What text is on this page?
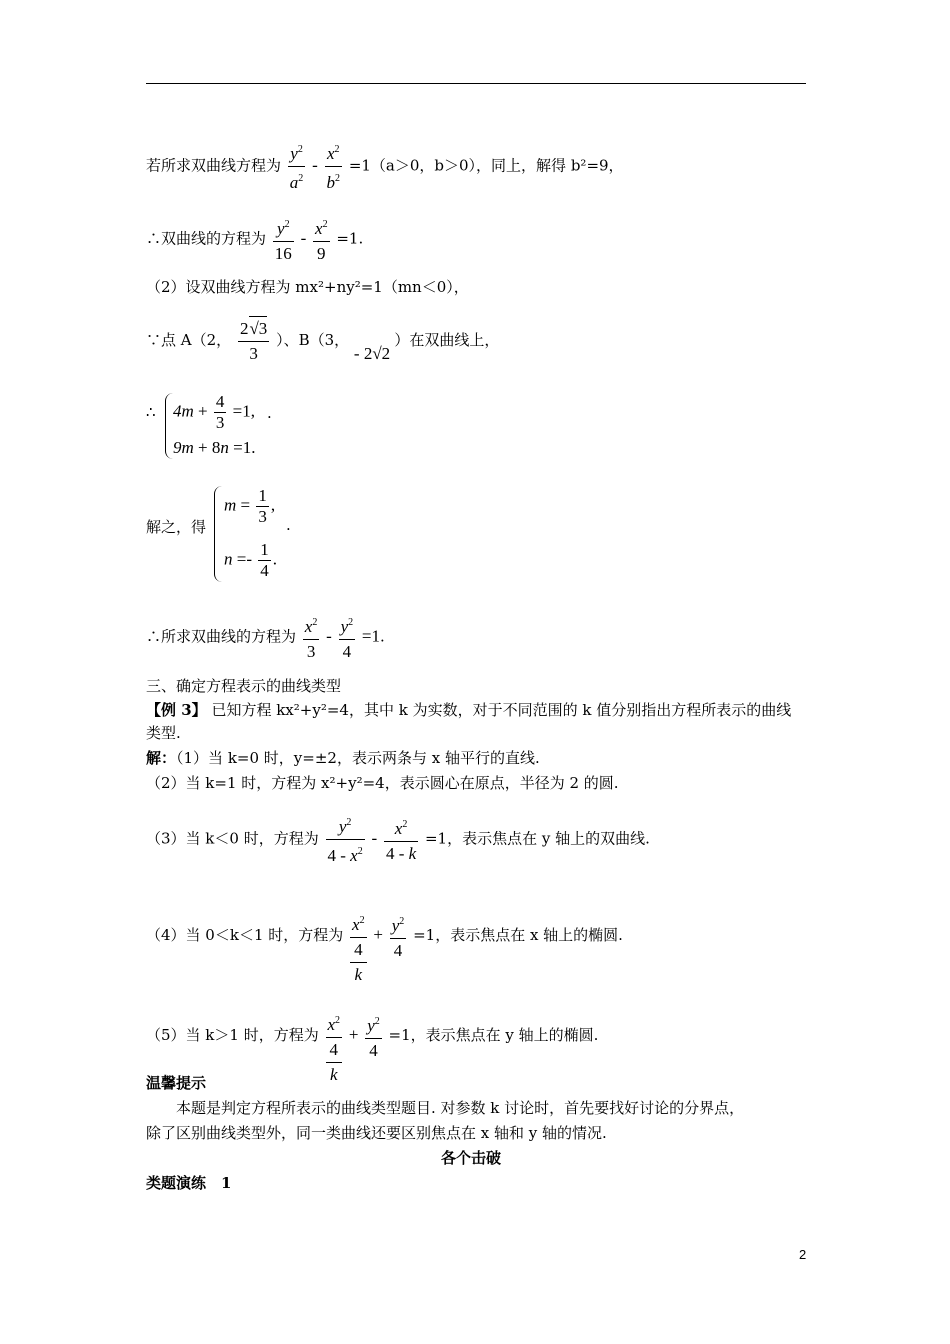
若所求双曲线方程为 $\frac{y^2}{a^2} - \frac{x^2}{b^2} =1(a>0$，b＞0），同上，解得 b²=9，
∴双曲线的方程为 $\frac{y^2}{16} - \frac{x^2}{9} =1$.
（2）设双曲线方程为 mx²+ny²=1（mn＜0），
∵点 A（2， $\frac{2√3}{3}$ ）、B（3， - 2√2 ）在双曲线上，
∴ $4m + \frac{4}{3} =1$,
9m + 8n =1.
.
解之，得
$m = \frac{1}{3}$ ,
$n =- \frac{1}{4}$ .
.
∴所求双曲线的方程为 $\frac{x^2}{3} - \frac{y^2}{4} =1$.
三、确定方程表示的曲线类型
【例 3】 已知方程 kx²+y²=4，其中 k 为实数，对于不同范围的 k 值分别指出方程所表示的曲线
类型.
解：（1）当 k=0 时，y=±2，表示两条与 x 轴平行的直线.
（2）当 k=1 时，方程为 x²+y²=4，表示圆心在原点，半径为 2 的圆.
（3）当 k＜0 时，方程为 $\frac{y^2}{4 - x^2} - \frac{x^2}{4 - k} =1$，表示焦点在 y 轴上的双曲线.
（4）当 0＜k＜1 时，方程为
$x^2$
4
k
+ $\frac{y^2}{4} =1$，表示焦点在 x 轴上的椭圆.
（5）当 k＞1 时，方程为
$x^2$
4
k
+ $\frac{y^2}{4} =1$，表示焦点在 y 轴上的椭圆.
温馨提示
本题是判定方程所表示的曲线类型题目. 对参数 k 讨论时，首先要找好讨论的分界点，
除了区别曲线类型外，同一类曲线还要区别焦点在 x 轴和 y 轴的情况.
各个击破
类题演练　1
2
